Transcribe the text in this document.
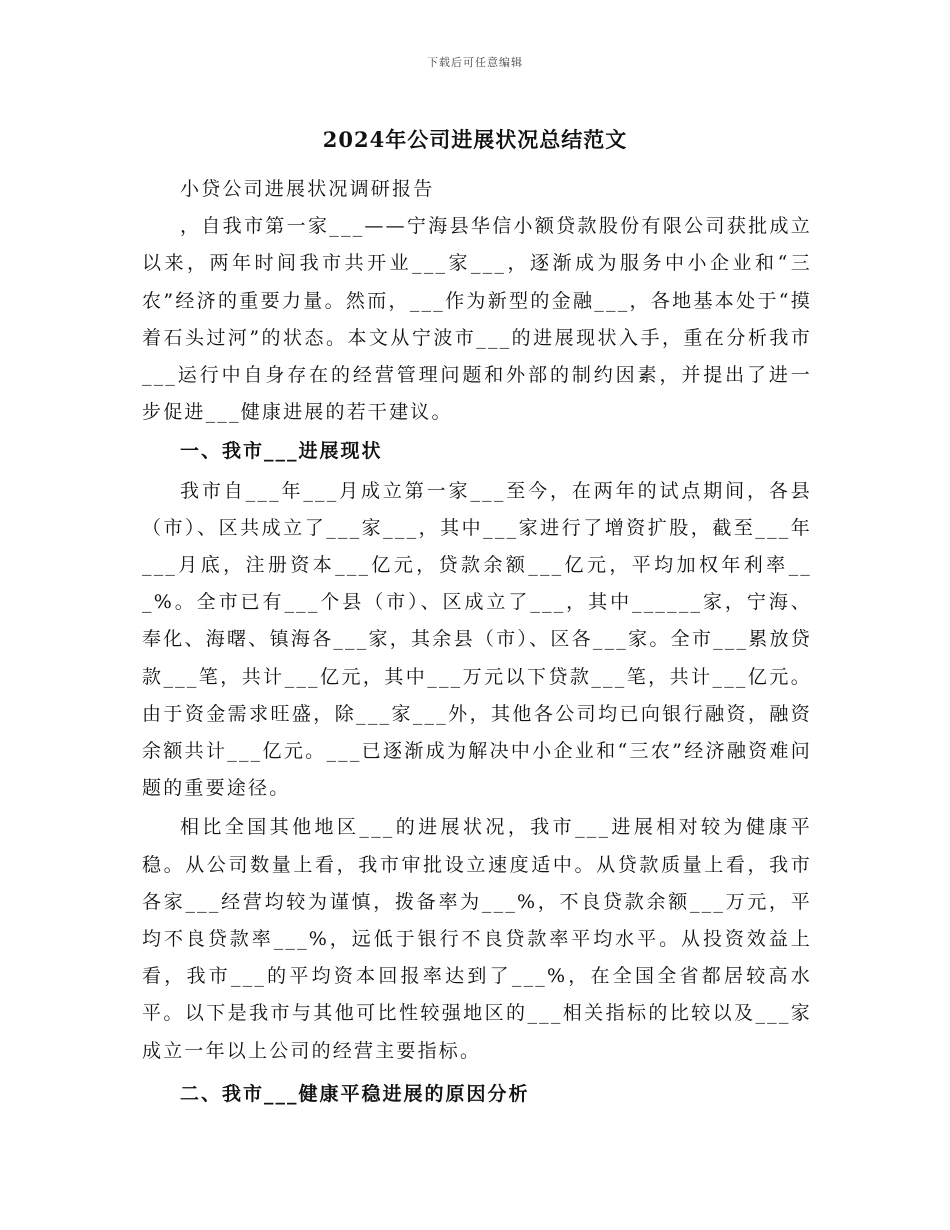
下载后可任意编辑
2024年公司进展状况总结范文

小贷公司进展状况调研报告

，自我市第一家___——宁海县华信小额贷款股份有限公司获批成立以来，两年时间我市共开业___家___，逐渐成为服务中小企业和“三农”经济的重要力量。然而，___作为新型的金融___，各地基本处于“摸着石头过河”的状态。本文从宁波市___的进展现状入手，重在分析我市___运行中自身存在的经营管理问题和外部的制约因素，并提出了进一步促进___健康进展的若干建议。

一、我市___进展现状

我市自___年___月成立第一家___至今，在两年的试点期间，各县（市）、区共成立了___家___，其中___家进行了增资扩股，截至___年___月底，注册资本___亿元，贷款余额___亿元，平均加权年利率___%。全市已有___个县（市）、区成立了___，其中______家，宁海、奉化、海曙、镇海各___家，其余县（市）、区各___家。全市___累放贷款___笔，共计___亿元，其中___万元以下贷款___笔，共计___亿元。由于资金需求旺盛，除___家___外，其他各公司均已向银行融资，融资余额共计___亿元。___已逐渐成为解决中小企业和“三农”经济融资难问题的重要途径。

相比全国其他地区___的进展状况，我市___进展相对较为健康平稳。从公司数量上看，我市审批设立速度适中。从贷款质量上看，我市各家___经营均较为谨慎，拨备率为___%，不良贷款余额___万元，平均不良贷款率___%，远低于银行不良贷款率平均水平。从投资效益上看，我市___的平均资本回报率达到了___%，在全国全省都居较高水平。以下是我市与其他可比性较强地区的___相关指标的比较以及___家成立一年以上公司的经营主要指标。

二、我市___健康平稳进展的原因分析
